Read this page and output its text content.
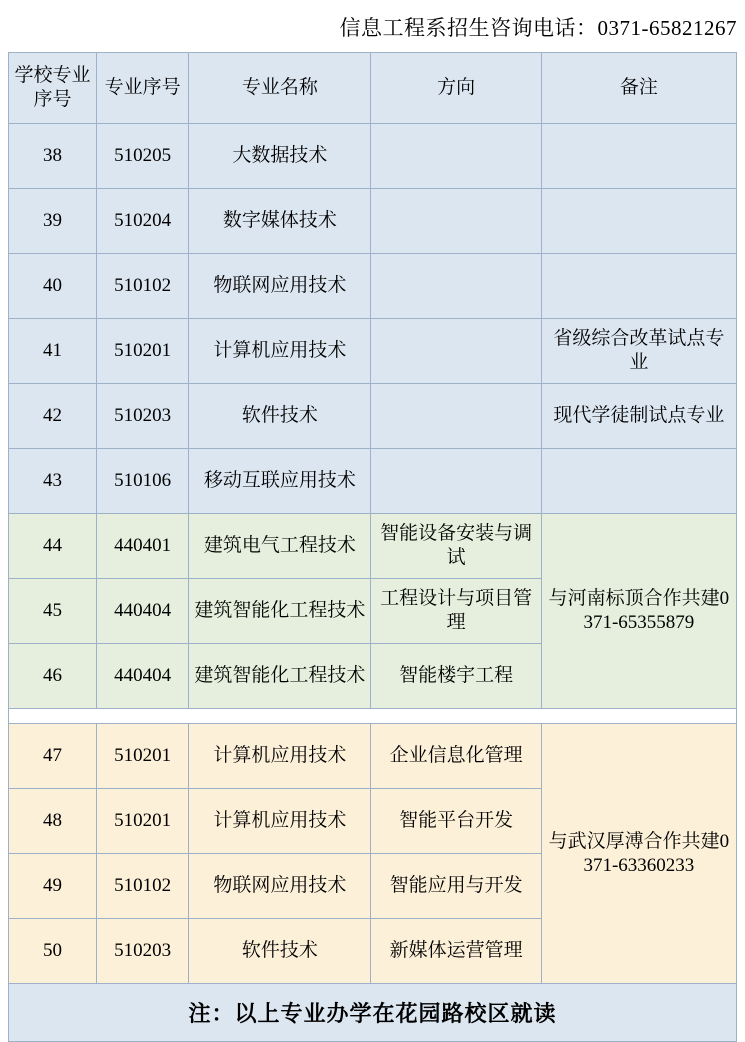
信息工程系招生咨询电话：0371-65821267
学校专业序号	专业序号	专业名称	方向	备注
38	510205	大数据技术		
39	510204	数字媒体技术		
40	510102	物联网应用技术		
41	510201	计算机应用技术		省级综合改革试点专业
42	510203	软件技术		现代学徒制试点专业
43	510106	移动互联应用技术		
44	440401	建筑电气工程技术	智能设备安装与调试	与河南标顶合作共建0371-65355879
45	440404	建筑智能化工程技术	工程设计与项目管理	
46	440404	建筑智能化工程技术	智能楼宇工程	

47	510201	计算机应用技术	企业信息化管理	与武汉厚溥合作共建0371-63360233
48	510201	计算机应用技术	智能平台开发	
49	510102	物联网应用技术	智能应用与开发	
50	510203	软件技术	新媒体运营管理	
注：以上专业办学在花园路校区就读
